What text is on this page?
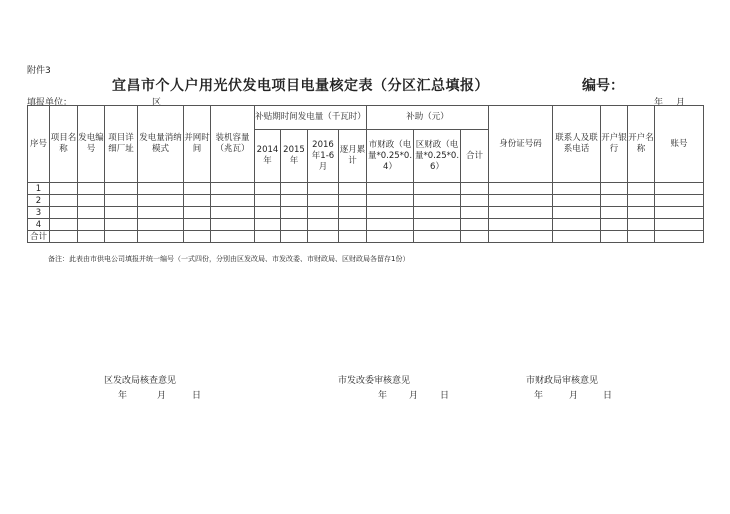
附件3
宜昌市个人户用光伏发电项目电量核定表（分区汇总填报）	编号：
填报单位：	区	年 月
序号	项目名称	发电编号	项目详细厂址	发电量消纳模式	并网时间	装机容量（兆瓦）	补贴期时间发电量（千瓦时）				补助（元）			身份证号码	联系人及联系电话	开户银行	开户名称	账号
							2014年	2015年	2016年1-6月	逐月累计	市财政（电量*0.25*0.4）	区财政（电量*0.25*0.6）	合计					
1																		
2																		
3																		
4																		
合计																		
备注：此表由市供电公司填报并统一编号（一式四份，分别由区发改局、市发改委、市财政局、区财政局各留存1份）
区发改局核查意见	市发改委审核意见	市财政局审核意见
年	月	日	年 月 日	年	月	日
